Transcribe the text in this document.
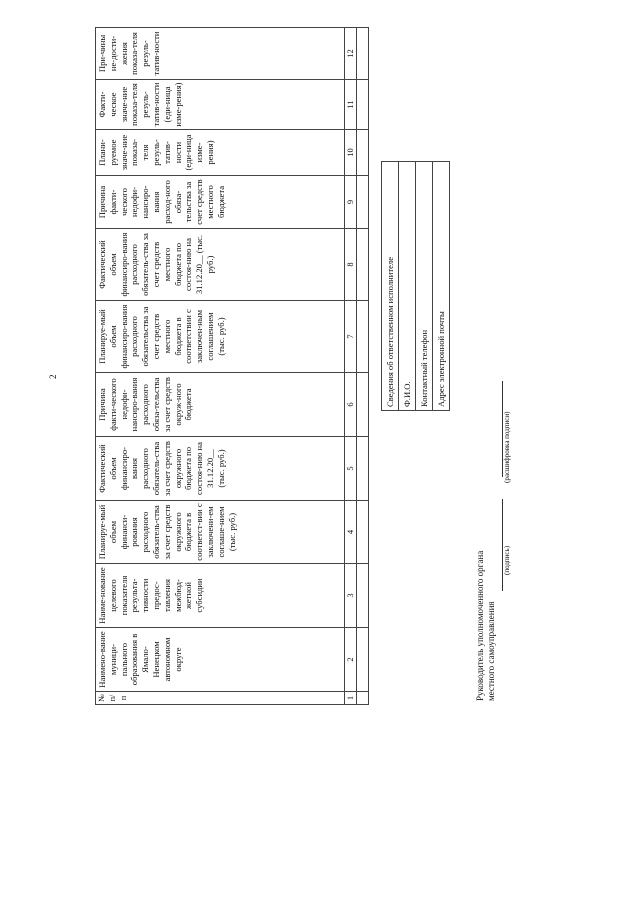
2
№ п/п	Наимено-вание муници-пального образования в Ямало-Ненецком автономном округе	Наиме-нование целевого показателя результа-тивности предос-тавления межбюд-жетной субсидии	Планируе-мый объем финанси-рования расходного обязатель-ства за счет средств окружного бюджета в соответст-вии с заключени-ем соглаше-нием (тыс. руб.)	Фактический объем финансиро-вания расходного обязатель-ства за счет средств окружного бюджета по состоя-нию на 31.12.20__ (тыс. руб.)	Причина факти-ческого недофи-нансиро-вания расходного обяза-тельства за счет средств окруж-ного бюджета	Планируе-мый объем финансиро-вания расходного обязательства за счет средств местного бюджета в соответствии с заключен-ным соглашением (тыс. руб.)	Фактический объем финансиро-вания расходного обязатель-ства за счет средств местного бюджета по состоя-нию на 31.12.20__ (тыс. руб.)	Причина факти-ческого недофи-нансиро-вания расход-ного обяза-тельства за счет средств местного бюджета	Плани-руемое значе-ние показа-теля резуль-татив-ности (еди-ница изме-рения)	Факти-ческое значе-ние показа-теля резуль-татив-ности (еди-ница изме-рения)	При-чины не-дости-жения показа-теля резуль-татив-ности
1	2	3	4	5	6	7	8	9	10	11	12

Руководитель уполномоченного органа местного самоуправления
(подпись)
(расшифровка подписи)
Сведения об ответственном исполнителе
Ф.И.О.
Контактный телефон
Адрес электронной почты
